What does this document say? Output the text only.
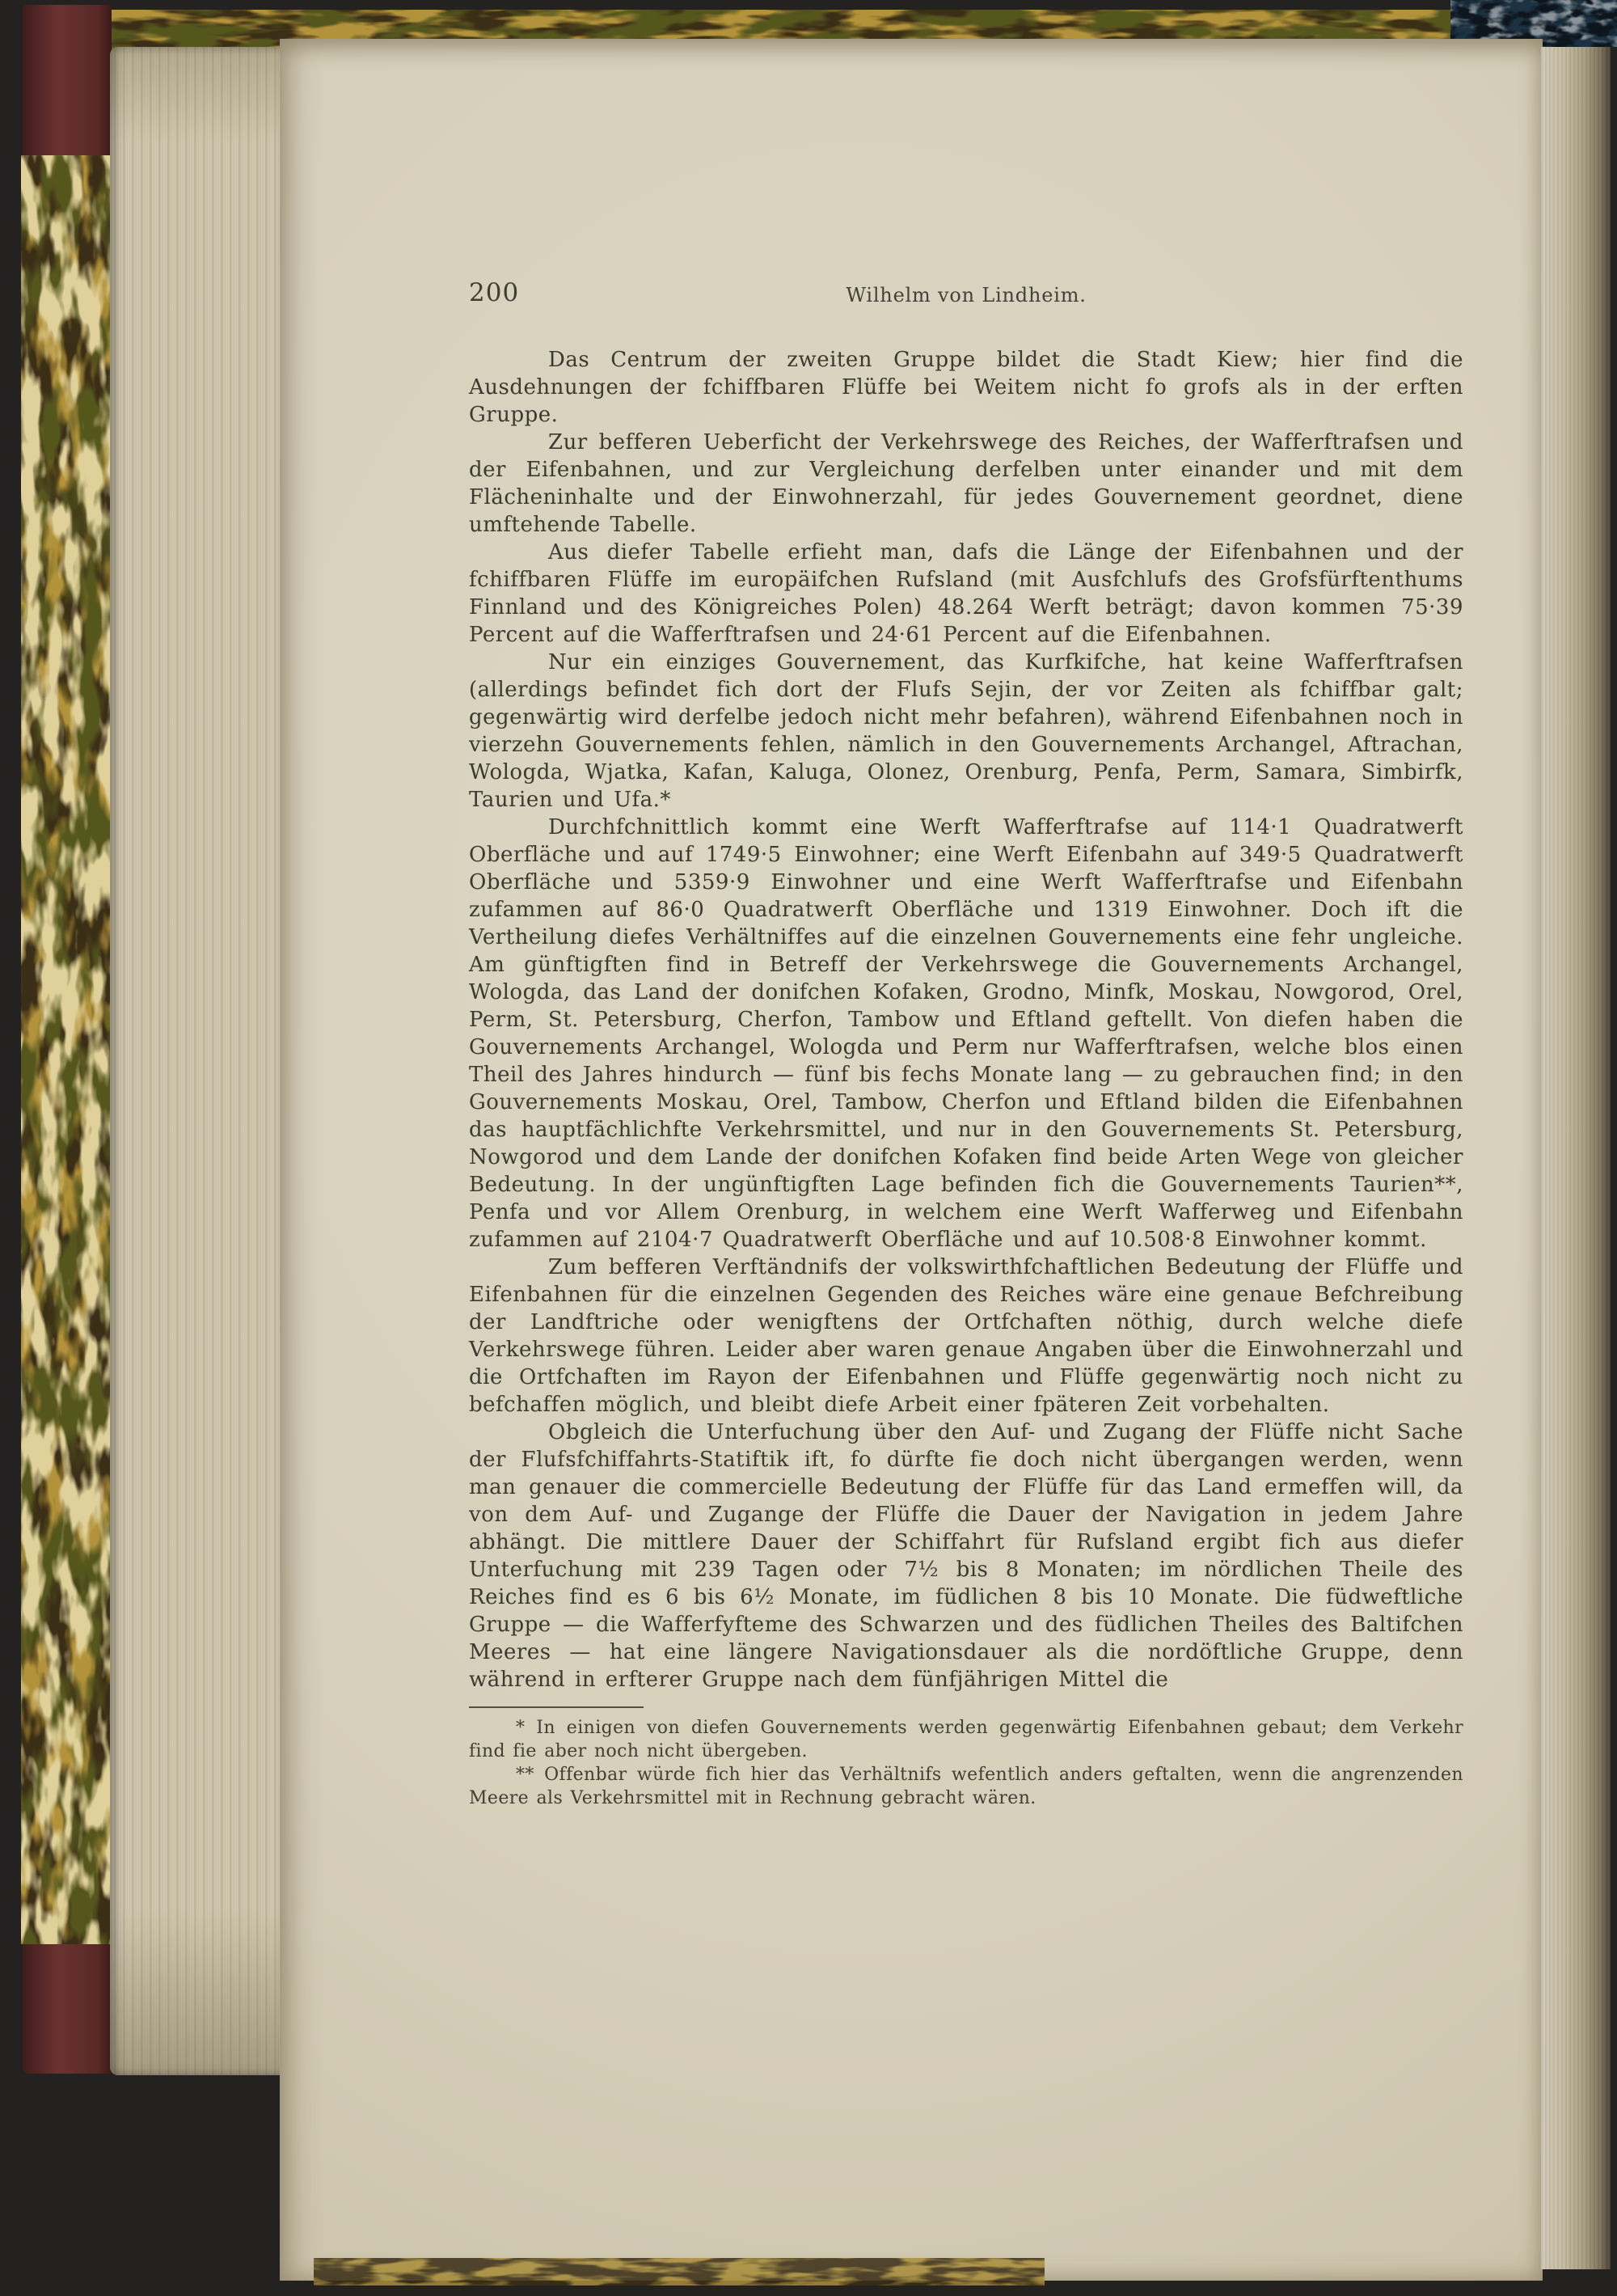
200	Wilhelm von Lindheim.

Das Centrum der zweiten Gruppe bildet die Stadt Kiew; hier find die Ausdehnungen der fchiffbaren Flüffe bei Weitem nicht fo grofs als in der erften Gruppe.

Zur befferen Ueberficht der Verkehrswege des Reiches, der Wafferftrafsen und der Eifenbahnen, und zur Vergleichung derfelben unter einander und mit dem Flächeninhalte und der Einwohnerzahl, für jedes Gouvernement geordnet, diene umftehende Tabelle.

Aus diefer Tabelle erfieht man, dafs die Länge der Eifenbahnen und der fchiffbaren Flüffe im europäifchen Rufsland (mit Ausfchlufs des Grofsfürftenthums Finnland und des Königreiches Polen) 48.264 Werft beträgt; davon kommen 75·39 Percent auf die Wafferftrafsen und 24·61 Percent auf die Eifenbahnen.

Nur ein einziges Gouvernement, das Kurfkifche, hat keine Wafferftrafsen (allerdings befindet fich dort der Flufs Sejin, der vor Zeiten als fchiffbar galt; gegenwärtig wird derfelbe jedoch nicht mehr befahren), während Eifenbahnen noch in vierzehn Gouvernements fehlen, nämlich in den Gouvernements Archangel, Aftrachan, Wologda, Wjatka, Kafan, Kaluga, Olonez, Orenburg, Penfa, Perm, Samara, Simbirfk, Taurien und Ufa.*

Durchfchnittlich kommt eine Werft Wafferftrafse auf 114·1 Quadratwerft Oberfläche und auf 1749·5 Einwohner; eine Werft Eifenbahn auf 349·5 Quadratwerft Oberfläche und 5359·9 Einwohner und eine Werft Wafferftrafse und Eifenbahn zufammen auf 86·0 Quadratwerft Oberfläche und 1319 Einwohner. Doch ift die Vertheilung diefes Verhältniffes auf die einzelnen Gouvernements eine fehr ungleiche. Am günftigften find in Betreff der Verkehrswege die Gouvernements Archangel, Wologda, das Land der donifchen Kofaken, Grodno, Minfk, Moskau, Nowgorod, Orel, Perm, St. Petersburg, Cherfon, Tambow und Eftland geftellt. Von diefen haben die Gouvernements Archangel, Wologda und Perm nur Wafferftrafsen, welche blos einen Theil des Jahres hindurch — fünf bis fechs Monate lang — zu gebrauchen find; in den Gouvernements Moskau, Orel, Tambow, Cherfon und Eftland bilden die Eifenbahnen das hauptfächlichfte Verkehrsmittel, und nur in den Gouvernements St. Petersburg, Nowgorod und dem Lande der donifchen Kofaken find beide Arten Wege von gleicher Bedeutung. In der ungünftigften Lage befinden fich die Gouvernements Taurien**, Penfa und vor Allem Orenburg, in welchem eine Werft Wafferweg und Eifenbahn zufammen auf 2104·7 Quadratwerft Oberfläche und auf 10.508·8 Einwohner kommt.

Zum befferen Verftändnifs der volkswirthfchaftlichen Bedeutung der Flüffe und Eifenbahnen für die einzelnen Gegenden des Reiches wäre eine genaue Befchreibung der Landftriche oder wenigftens der Ortfchaften nöthig, durch welche diefe Verkehrswege führen. Leider aber waren genaue Angaben über die Einwohnerzahl und die Ortfchaften im Rayon der Eifenbahnen und Flüffe gegenwärtig noch nicht zu befchaffen möglich, und bleibt diefe Arbeit einer fpäteren Zeit vorbehalten.

Obgleich die Unterfuchung über den Auf- und Zugang der Flüffe nicht Sache der Flufsfchiffahrts-Statiftik ift, fo dürfte fie doch nicht übergangen werden, wenn man genauer die commercielle Bedeutung der Flüffe für das Land ermeffen will, da von dem Auf- und Zugange der Flüffe die Dauer der Navigation in jedem Jahre abhängt. Die mittlere Dauer der Schiffahrt für Rufsland ergibt fich aus diefer Unterfuchung mit 239 Tagen oder 7½ bis 8 Monaten; im nördlichen Theile des Reiches find es 6 bis 6½ Monate, im füdlichen 8 bis 10 Monate. Die füdweftliche Gruppe — die Wafferfyfteme des Schwarzen und des füdlichen Theiles des Baltifchen Meeres — hat eine längere Navigationsdauer als die nordöftliche Gruppe, denn während in erfterer Gruppe nach dem fünfjährigen Mittel die

* In einigen von diefen Gouvernements werden gegenwärtig Eifenbahnen gebaut; dem Verkehr find fie aber noch nicht übergeben.

** Offenbar würde fich hier das Verhältnifs wefentlich anders geftalten, wenn die angrenzenden Meere als Verkehrsmittel mit in Rechnung gebracht wären.
